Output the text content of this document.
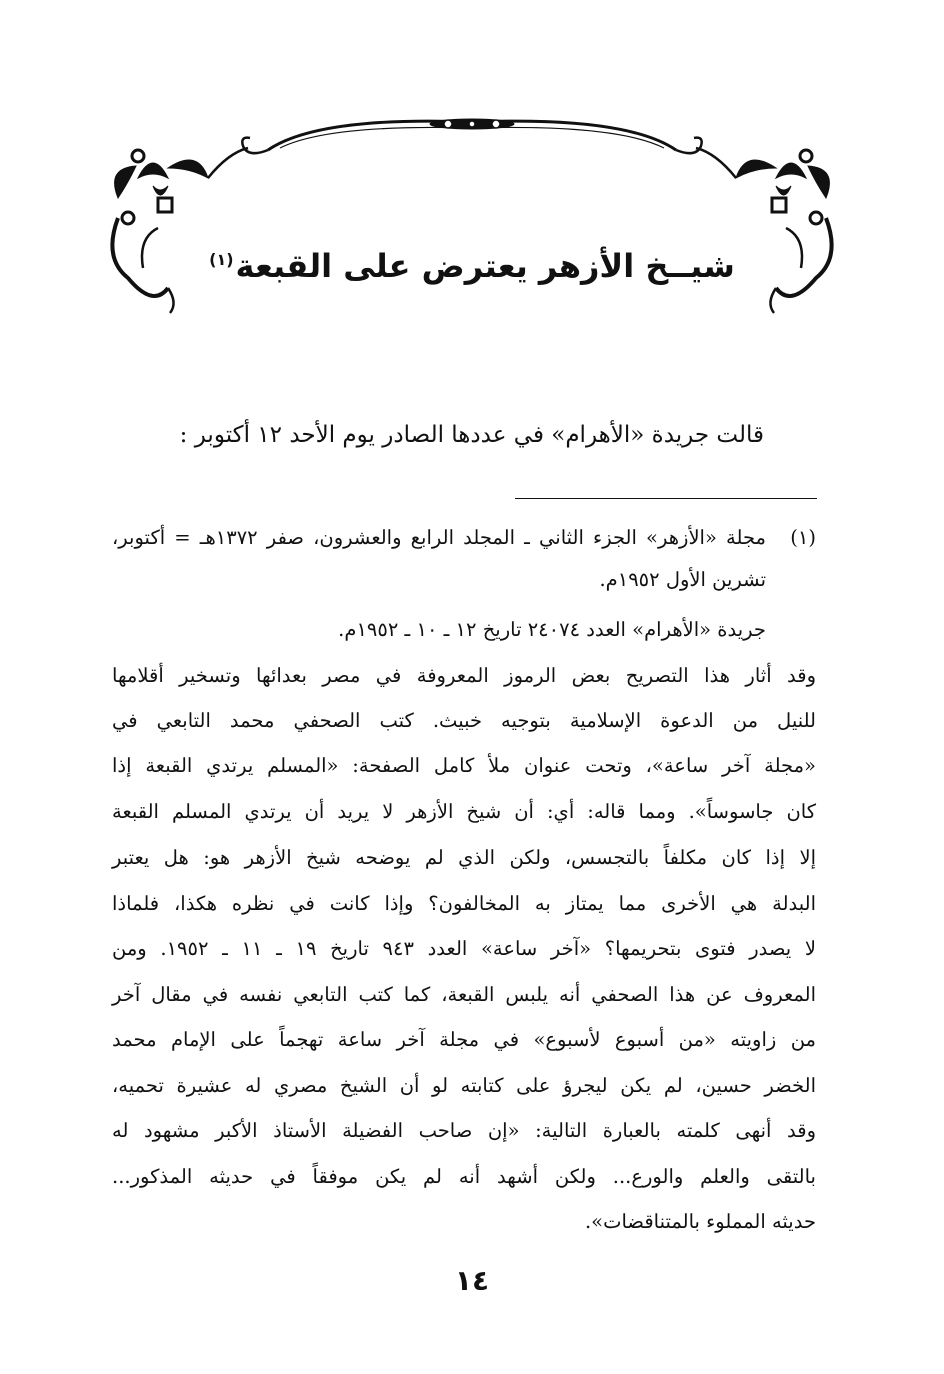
شيــخ الأزهر يعترض على القبعة$^{(١)}$
قالت جريدة «الأهرام» في عددها الصادر يوم الأحد ١٢ أكتوبر :
(١)
مجلة «الأزهر» الجزء الثاني ـ المجلد الرابع والعشرون، صفر ١٣٧٢هـ = أكتوبر،
تشرين الأول ١٩٥٢م.
جريدة «الأهرام» العدد ٢٤٠٧٤ تاريخ ١٢ ـ ١٠ ـ ١٩٥٢م.
وقد أثار هذا التصريح بعض الرموز المعروفة في مصر بعدائها وتسخير أقلامها
للنيل من الدعوة الإسلامية بتوجيه خبيث. كتب الصحفي محمد التابعي في
«مجلة آخر ساعة»، وتحت عنوان ملأ كامل الصفحة: «المسلم يرتدي القبعة إذا
كان جاسوساً». ومما قاله: أي: أن شيخ الأزهر لا يريد أن يرتدي المسلم القبعة
إلا إذا كان مكلفاً بالتجسس، ولكن الذي لم يوضحه شيخ الأزهر هو: هل يعتبر
البدلة هي الأخرى مما يمتاز به المخالفون؟ وإذا كانت في نظره هكذا، فلماذا
لا يصدر فتوى بتحريمها؟ «آخر ساعة» العدد ٩٤٣ تاريخ ١٩ ـ ١١ ـ ١٩٥٢. ومن
المعروف عن هذا الصحفي أنه يلبس القبعة، كما كتب التابعي نفسه في مقال آخر
من زاويته «من أسبوع لأسبوع» في مجلة آخر ساعة تهجماً على الإمام محمد
الخضر حسين، لم يكن ليجرؤ على كتابته لو أن الشيخ مصري له عشيرة تحميه،
وقد أنهى كلمته بالعبارة التالية: «إن صاحب الفضيلة الأستاذ الأكبر مشهود له
بالتقى والعلم والورع... ولكن أشهد أنه لم يكن موفقاً في حديثه المذكور...
حديثه المملوء بالمتناقضات».
١٤
